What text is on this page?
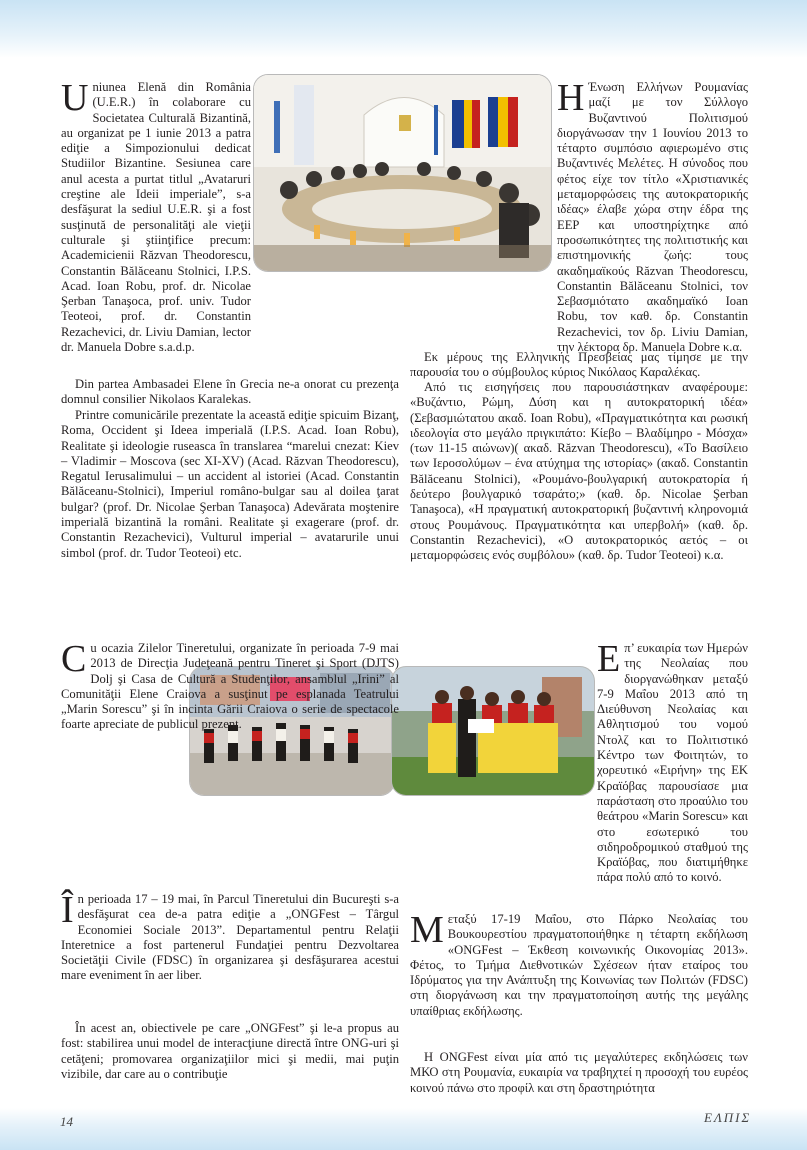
Uniunea Elenă din România (U.E.R.) în colaborare cu Societatea Culturală Bizantină, au organizat pe 1 iunie 2013 a patra ediţie a Simpozionului dedicat Studiilor Bizantine. Sesiunea care anul acesta a purtat titlul „Avataruri creştine ale Ideii imperiale”, s-a desfăşurat la sediul U.E.R. şi a fost susţinută de personalităţi ale vieţii culturale şi ştiinţifice precum: Academicienii Răzvan Theodorescu, Constantin Bălăceanu Stolnici, I.P.S. Acad. Ioan Robu, prof. dr. Nicolae Şerban Tanaşoca, prof. univ. Tudor Teoteoi, prof. dr. Constantin Rezachevici, dr. Liviu Damian, lector dr. Manuela Dobre s.a.d.p.
Din partea Ambasadei Elene în Grecia ne-a onorat cu prezenţa domnul consilier Nikolaos Karalekas.
Printre comunicările prezentate la această ediţie spicuim Bizanţ, Roma, Occident şi Ideea imperială (I.P.S. Acad. Ioan Robu), Realitate şi ideologie ruseasca în translarea “marelui cnezat: Kiev – Vladimir – Moscova (sec XI-XV) (Acad. Răzvan Theodorescu), Regatul Ierusalimului – un accident al istoriei (Acad. Constantin Bălăceanu-Stolnici), Imperiul româno-bulgar sau al doilea ţarat bulgar? (prof. Dr. Nicolae Şerban Tanaşoca) Adevărata moştenire imperială bizantină la români. Realitate şi exagerare (prof. dr. Constantin Rezachevici), Vulturul imperial – avatarurile unui simbol (prof. dr. Tudor Teoteoi) etc.
Cu ocazia Zilelor Tineretului, organizate în perioada 7-9 mai 2013 de Direcţia Judeţeană pentru Tineret şi Sport (DJTS) Dolj şi Casa de Cultură a Studenţilor, ansamblul „Irini” al Comunităţii Elene Craiova a susţinut pe esplanada Teatrului „Marin Sorescu” şi în incinta Gării Craiova o serie de spectacole foarte apreciate de publicul prezent.
În perioada 17 – 19 mai, în Parcul Tineretului din Bucureşti s-a desfăşurat cea de-a patra ediţie a „ONGFest – Târgul Economiei Sociale 2013”. Departamentul pentru Relaţii Interetnice a fost partenerul Fundaţiei pentru Dezvoltarea Societăţii Civile (FDSC) în organizarea şi desfăşurarea acestui mare eveniment în aer liber.
În acest an, obiectivele pe care „ONGFest” şi le-a propus au fost: stabilirea unui model de interacţiune directă între ONG-uri şi cetăţeni; promovarea organizaţiilor mici şi medii, mai puţin vizibile, dar care au o contribuţie
Η Ένωση Ελλήνων Ρουμανίας μαζί με τον Σύλλογο Βυζαντινού Πολιτισμού διοργάνωσαν την 1 Ιουνίου 2013 το τέταρτο συμπόσιο αφιερωμένο στις Βυζαντινές Μελέτες. Η σύνοδος που φέτος είχε τον τίτλο «Χριστιανικές μεταμορφώσεις της αυτοκρατορικής ιδέας» έλαβε χώρα στην έδρα της ΕΕΡ και υποστηρίχτηκε από προσωπικότητες της πολιτιστικής και επιστημονικής ζωής: τους ακαδημαϊκούς Răzvan Theodorescu, Constantin Bălăceanu Stolnici, τον Σεβασμιότατο ακαδημαϊκό Ioan Robu, τον καθ. δρ. Constantin Rezachevici, τον δρ. Liviu Damian, την λέκτορα δρ. Manuela Dobre κ.α.
Εκ μέρους της Ελληνικής Πρεσβείας μας τίμησε με την παρουσία του ο σύμβουλος κύριος Νικόλαος Καραλέκας.
Από τις εισηγήσεις που παρουσιάστηκαν αναφέρουμε: «Βυζάντιο, Ρώμη, Δύση και η αυτοκρατορική ιδέα» (Σεβασμιώτατου ακαδ. Ioan Robu), «Πραγματικότητα και ρωσική ιδεολογία στο μεγάλο πριγκιπάτο: Κίεβο – Βλαδίμηρο - Μόσχα» (των 11-15 αιώνων)( ακαδ. Răzvan Theodorescu), «Το Βασίλειο των Ιεροσολύμων – ένα ατύχημα της ιστορίας» (ακαδ. Constantin Bălăceanu Stolnici), «Ρουμάνο-βουλγαρική αυτοκρατορία ή δεύτερο βουλγαρικό τσαράτο;» (καθ. δρ. Nicolae Şerban Tanaşoca), «Η πραγματική αυτοκρατορική βυζαντινή κληρονομιά στους Ρουμάνους. Πραγματικότητα και υπερβολή» (καθ. δρ. Constantin Rezachevici), «Ο αυτοκρατορικός αετός – οι μεταμορφώσεις ενός συμβόλου» (καθ. δρ. Tudor Teoteoi) κ.α.
Επ’ ευκαιρία των Ημερών της Νεολαίας που διοργανώθηκαν μεταξύ 7-9 Μαΐου 2013 από τη Διεύθυνση Νεολαίας και Αθλητισμού του νομού Ντολζ και το Πολιτιστικό Κέντρο των Φοιτητών, το χορευτικό «Ειρήνη» της ΕΚ Κραϊόβας παρουσίασε μια παράσταση στο προαύλιο του θεάτρου «Marin Sorescu» και στο εσωτερικό του σιδηροδρομικού σταθμού της Κραϊόβας, που διατιμήθηκε πάρα πολύ από το κοινό.
Μεταξύ 17-19 Μαΐου, στο Πάρκο Νεολαίας του Βουκουρεστίου πραγματοποιήθηκε η τέταρτη εκδήλωση «ONGFest – Έκθεση κοινωνικής Οικονομίας 2013». Φέτος, το Τμήμα Διεθνοτικών Σχέσεων ήταν εταίρος του Ιδρύματος για την Ανάπτυξη της Κοινωνίας των Πολιτών (FDSC) στη διοργάνωση και την πραγματοποίηση αυτής της μεγάλης υπαίθριας εκδήλωσης.
Η ONGFest είναι μία από τις μεγαλύτερες εκδηλώσεις των ΜΚΟ στη Ρουμανία, ευκαιρία να τραβηχτεί η προσοχή του ευρέος κοινού πάνω στο προφίλ και στη δραστηριότητα
14	ΕΛΠΙΣ
